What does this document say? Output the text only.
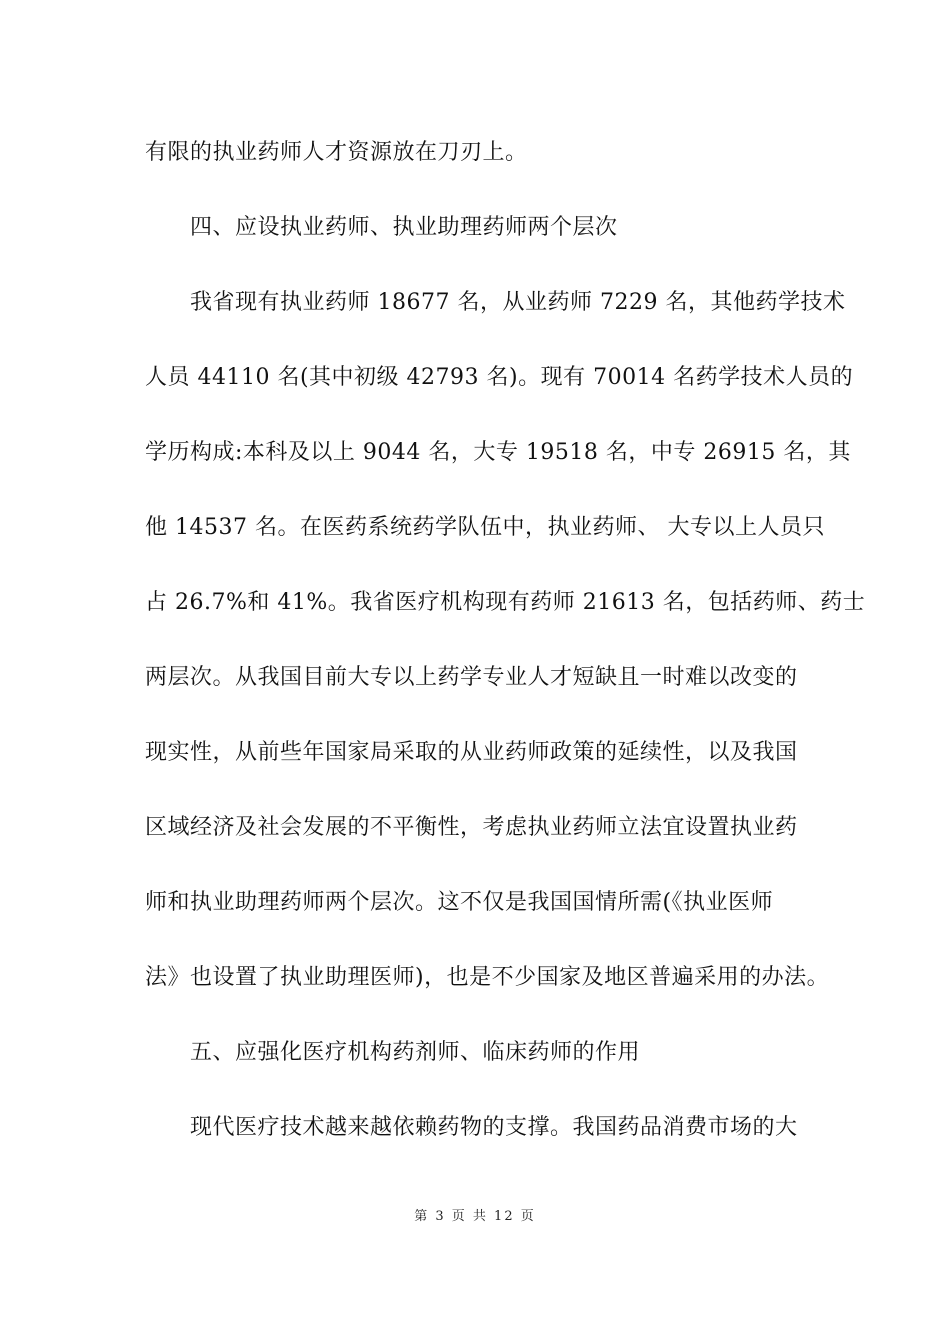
有限的执业药师人才资源放在刀刃上。
四、应设执业药师、执业助理药师两个层次
我省现有执业药师 18677 名，从业药师 7229 名，其他药学技术
人员 44110 名(其中初级 42793 名)。现有 70014 名药学技术人员的
学历构成:本科及以上 9044 名，大专 19518 名，中专 26915 名，其
他 14537 名。在医药系统药学队伍中，执业药师、 大专以上人员只
占 26.7%和 41%。我省医疗机构现有药师 21613 名，包括药师、药士
两层次。从我国目前大专以上药学专业人才短缺且一时难以改变的
现实性，从前些年国家局采取的从业药师政策的延续性，以及我国
区域经济及社会发展的不平衡性，考虑执业药师立法宜设置执业药
师和执业助理药师两个层次。这不仅是我国国情所需(《执业医师
法》也设置了执业助理医师)，也是不少国家及地区普遍采用的办法。
五、应强化医疗机构药剂师、临床药师的作用
现代医疗技术越来越依赖药物的支撑。我国药品消费市场的大
第 3 页 共 12 页
